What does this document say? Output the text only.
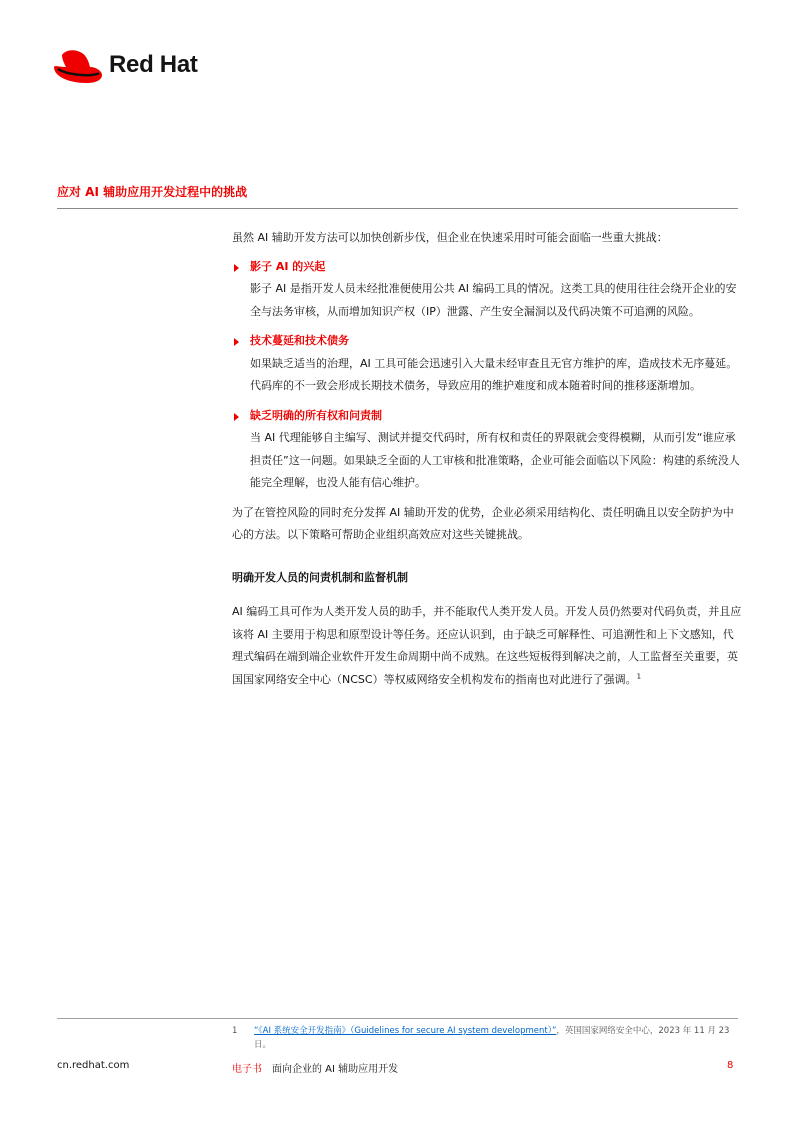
Red Hat
应对 AI 辅助应用开发过程中的挑战

虽然 AI 辅助开发方法可以加快创新步伐，但企业在快速采用时可能会面临一些重大挑战：

影子 AI 的兴起

影子 AI 是指开发人员未经批准便使用公共 AI 编码工具的情况。这类工具的使用往往会绕开企业的安全与法务审核，从而增加知识产权（IP）泄露、产生安全漏洞以及代码决策不可追溯的风险。

技术蔓延和技术债务

如果缺乏适当的治理，AI 工具可能会迅速引入大量未经审查且无官方维护的库，造成技术无序蔓延。代码库的不一致会形成长期技术债务，导致应用的维护难度和成本随着时间的推移逐渐增加。

缺乏明确的所有权和问责制

当 AI 代理能够自主编写、测试并提交代码时，所有权和责任的界限就会变得模糊，从而引发“谁应承担责任”这一问题。如果缺乏全面的人工审核和批准策略，企业可能会面临以下风险：构建的系统没人能完全理解，也没人能有信心维护。

为了在管控风险的同时充分发挥 AI 辅助开发的优势，企业必须采用结构化、责任明确且以安全防护为中心的方法。以下策略可帮助企业组织高效应对这些关键挑战。

明确开发人员的问责机制和监督机制

AI 编码工具可作为人类开发人员的助手，并不能取代人类开发人员。开发人员仍然要对代码负责，并且应该将 AI 主要用于构思和原型设计等任务。还应认识到，由于缺乏可解释性、可追溯性和上下文感知，代理式编码在端到端企业软件开发生命周期中尚不成熟。在这些短板得到解决之前，人工监督至关重要，英国国家网络安全中心（NCSC）等权威网络安全机构发布的指南也对此进行了强调。$^1$

1 “《AI 系统安全开发指南》（Guidelines for secure AI system development）”，英国国家网络安全中心，2023 年 11 月 23 日。
cn.redhat.com	电子书 面向企业的 AI 辅助应用开发	8
